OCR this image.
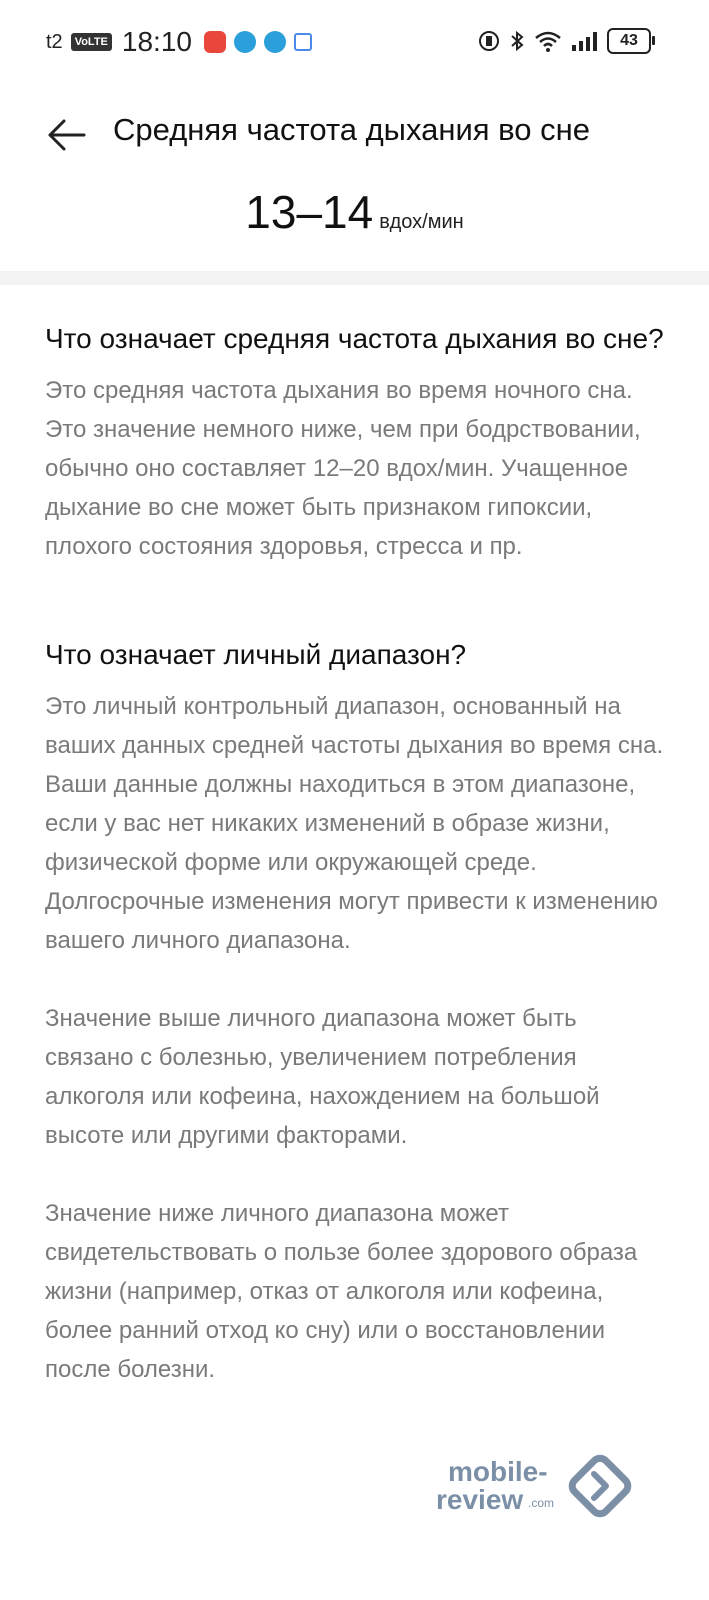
t2	VoLTE 18:10	43
Средняя частота дыхания во сне
13–14 вдох/мин
Что означает средняя частота дыхания во сне?

Это средняя частота дыхания во время ночного сна. Это значение немного ниже, чем при бодрствовании, обычно оно составляет 12–20 вдох/мин. Учащенное дыхание во сне может быть признаком гипоксии, плохого состояния здоровья, стресса и пр.

Что означает личный диапазон?

Это личный контрольный диапазон, основанный на ваших данных средней частоты дыхания во время сна. Ваши данные должны находиться в этом диапазоне, если у вас нет никаких изменений в образе жизни, физической форме или окружающей среде. Долгосрочные изменения могут привести к изменению вашего личного диапазона.

Значение выше личного диапазона может быть связано с болезнью, увеличением потребления алкоголя или кофеина, нахождением на большой высоте или другими факторами.

Значение ниже личного диапазона может свидетельствовать о пользе более здорового образа жизни (например, отказ от алкоголя или кофеина, более ранний отход ко сну) или о восстановлении после болезни.

mobile-
review .com
